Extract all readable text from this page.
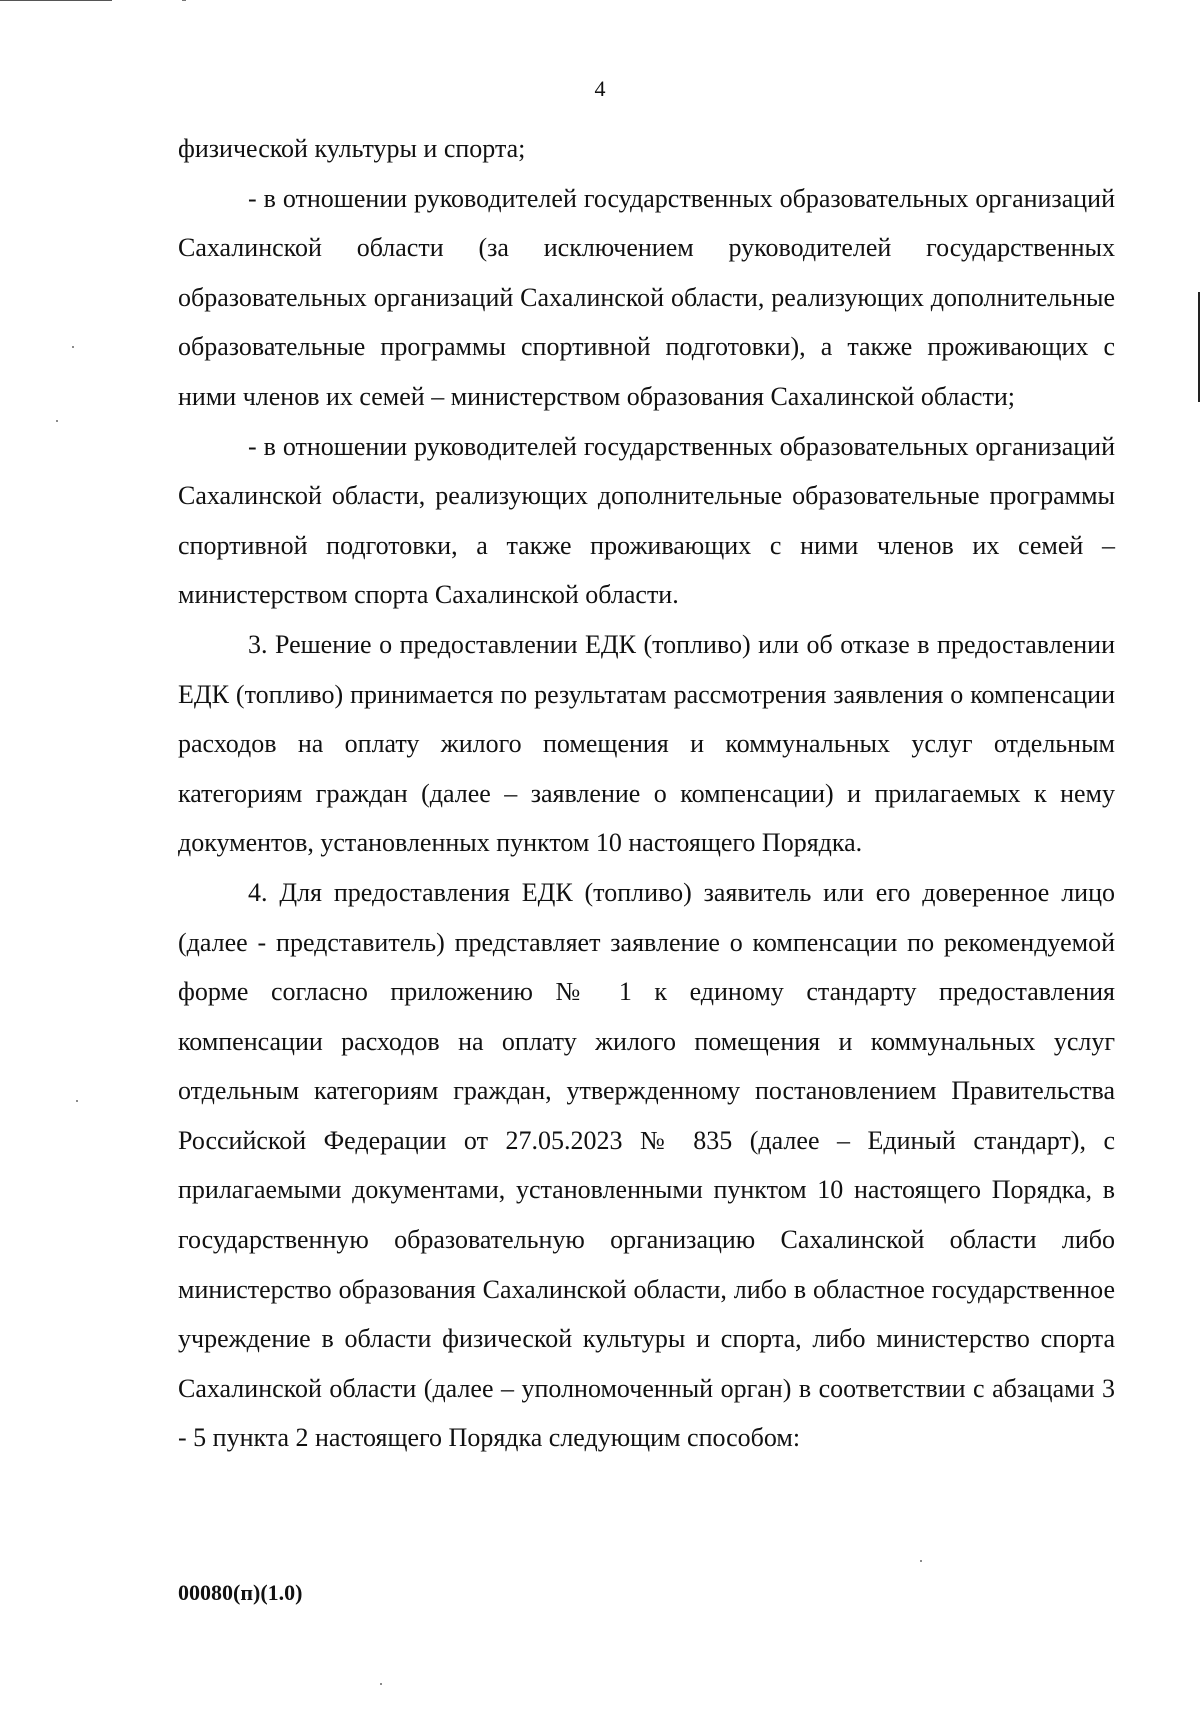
4

физической культуры и спорта;

- в отношении руководителей государственных образовательных организаций Сахалинской области (за исключением руководителей государственных образовательных организаций Сахалинской области, реализующих дополнительные образовательные программы спортивной подготовки), а также проживающих с ними членов их семей – министерством образования Сахалинской области;

- в отношении руководителей государственных образовательных организаций Сахалинской области, реализующих дополнительные образовательные программы спортивной подготовки, а также проживающих с ними членов их семей – министерством спорта Сахалинской области.

3. Решение о предоставлении ЕДК (топливо) или об отказе в предоставлении ЕДК (топливо) принимается по результатам рассмотрения заявления о компенсации расходов на оплату жилого помещения и коммунальных услуг отдельным категориям граждан (далее – заявление о компенсации) и прилагаемых к нему документов, установленных пунктом 10 настоящего Порядка.

4. Для предоставления ЕДК (топливо) заявитель или его доверенное лицо (далее - представитель) представляет заявление о компенсации по рекомендуемой форме согласно приложению № 1 к единому стандарту предоставления компенсации расходов на оплату жилого помещения и коммунальных услуг отдельным категориям граждан, утвержденному постановлением Правительства Российской Федерации от 27.05.2023 № 835 (далее – Единый стандарт), с прилагаемыми документами, установленными пунктом 10 настоящего Порядка, в государственную образовательную организацию Сахалинской области либо министерство образования Сахалинской области, либо в областное государственное учреждение в области физической культуры и спорта, либо министерство спорта Сахалинской области (далее – уполномоченный орган) в соответствии с абзацами 3 - 5 пункта 2 настоящего Порядка следующим способом:

00080(п)(1.0)
